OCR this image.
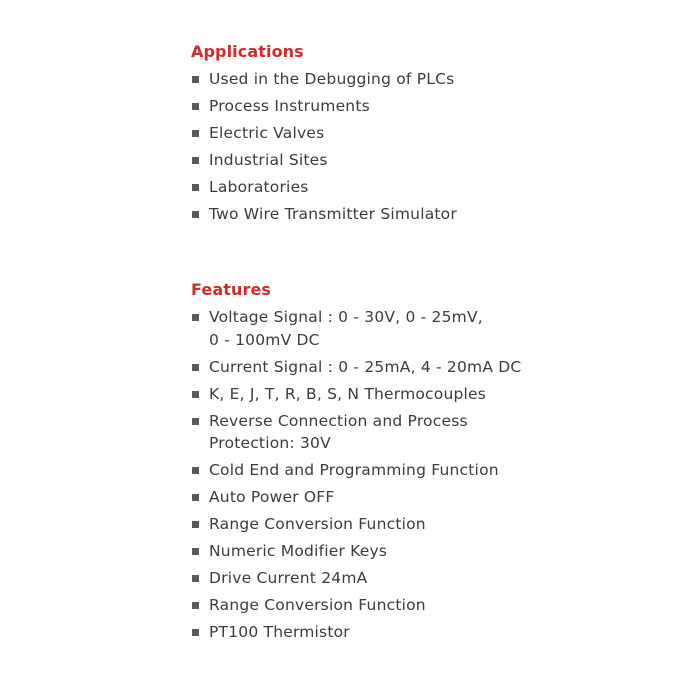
Applications
Used in the Debugging of PLCs
Process Instruments
Electric Valves
Industrial Sites
Laboratories
Two Wire Transmitter Simulator
Features
Voltage Signal : 0 - 30V, 0 - 25mV,
0 - 100mV DC
Current Signal : 0 - 25mA, 4 - 20mA DC
K, E, J, T, R, B, S, N Thermocouples
Reverse Connection and Process
Protection: 30V
Cold End and Programming Function
Auto Power OFF
Range Conversion Function
Numeric Modifier Keys
Drive Current 24mA
Range Conversion Function
PT100 Thermistor
